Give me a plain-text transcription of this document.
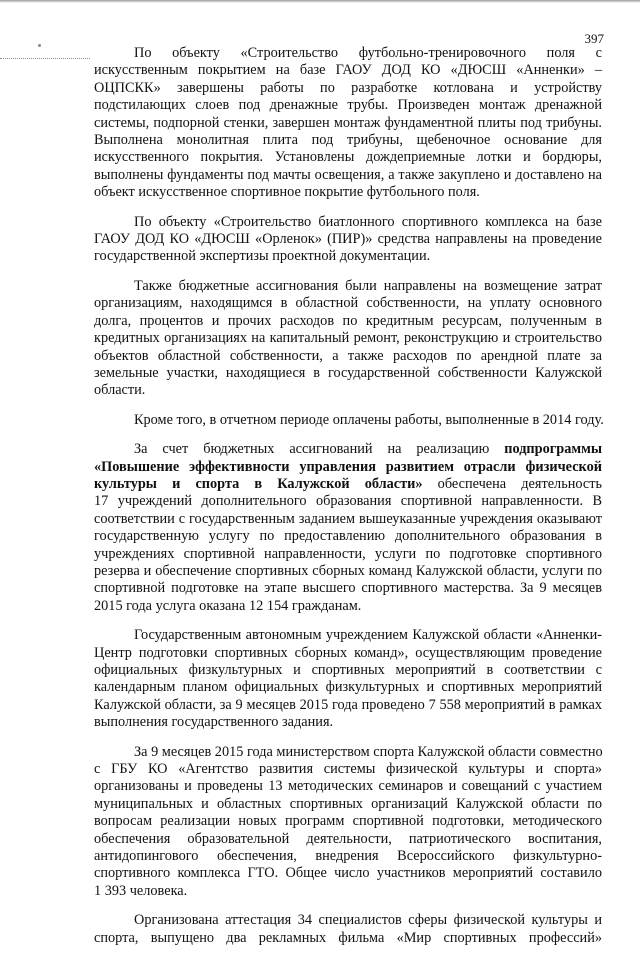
397

По объекту «Строительство футбольно-тренировочного поля с
искусственным покрытием на базе ГАОУ ДОД КО «ДЮСШ «Анненки» –
ОЦПСКК» завершены работы по разработке котлована и устройству
подстилающих слоев под дренажные трубы. Произведен монтаж дренажной
системы, подпорной стенки, завершен монтаж фундаментной плиты под трибуны.
Выполнена монолитная плита под трибуны, щебеночное основание для
искусственного покрытия. Установлены дождеприемные лотки и бордюры,
выполнены фундаменты под мачты освещения, а также закуплено и доставлено на
объект искусственное спортивное покрытие футбольного поля.

По объекту «Строительство биатлонного спортивного комплекса на базе
ГАОУ ДОД КО «ДЮСШ «Орленок» (ПИР)» средства направлены на проведение
государственной экспертизы проектной документации.

Также бюджетные ассигнования были направлены на возмещение затрат
организациям, находящимся в областной собственности, на уплату основного
долга, процентов и прочих расходов по кредитным ресурсам, полученным в
кредитных организациях на капитальный ремонт, реконструкцию и строительство
объектов областной собственности, а также расходов по арендной плате за
земельные участки, находящиеся в государственной собственности Калужской
области.

Кроме того, в отчетном периоде оплачены работы, выполненные в 2014 году.

За счет бюджетных ассигнований на реализацию подпрограммы
«Повышение эффективности управления развитием отрасли физической
культуры и спорта в Калужской области» обеспечена деятельность
17 учреждений дополнительного образования спортивной направленности. В
соответствии с государственным заданием вышеуказанные учреждения оказывают
государственную услугу по предоставлению дополнительного образования в
учреждениях спортивной направленности, услуги по подготовке спортивного
резерва и обеспечение спортивных сборных команд Калужской области, услуги по
спортивной подготовке на этапе высшего спортивного мастерства. За 9 месяцев
2015 года услуга оказана 12 154 гражданам.

Государственным автономным учреждением Калужской области «Анненки-
Центр подготовки спортивных сборных команд», осуществляющим проведение
официальных физкультурных и спортивных мероприятий в соответствии с
календарным планом официальных физкультурных и спортивных мероприятий
Калужской области, за 9 месяцев 2015 года проведено 7 558 мероприятий в рамках
выполнения государственного задания.

За 9 месяцев 2015 года министерством спорта Калужской области совместно
с ГБУ КО «Агентство развития системы физической культуры и спорта»
организованы и проведены 13 методических семинаров и совещаний с участием
муниципальных и областных спортивных организаций Калужской области по
вопросам реализации новых программ спортивной подготовки, методического
обеспечения образовательной деятельности, патриотического воспитания,
антидопингового обеспечения, внедрения Всероссийского физкультурно-
спортивного комплекса ГТО. Общее число участников мероприятий составило
1 393 человека.

Организована аттестация 34 специалистов сферы физической культуры и
спорта, выпущено два рекламных фильма «Мир спортивных профессий»
